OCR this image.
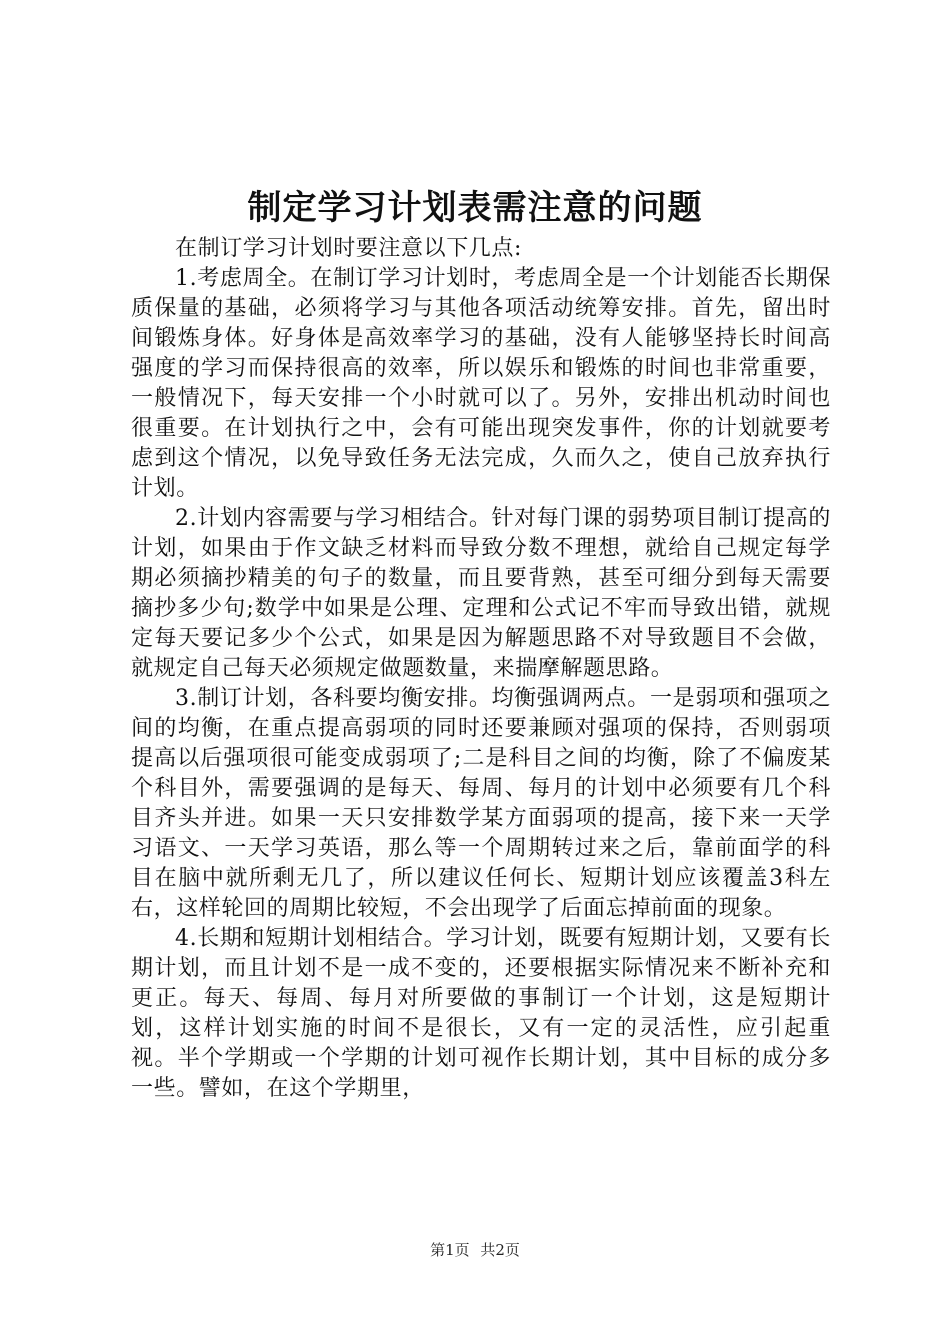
制定学习计划表需注意的问题

在制订学习计划时要注意以下几点:

1.考虑周全。在制订学习计划时，考虑周全是一个计划能否长期保质保量的基础，必须将学习与其他各项活动统筹安排。首先，留出时间锻炼身体。好身体是高效率学习的基础，没有人能够坚持长时间高强度的学习而保持很高的效率，所以娱乐和锻炼的时间也非常重要，一般情况下，每天安排一个小时就可以了。另外，安排出机动时间也很重要。在计划执行之中，会有可能出现突发事件，你的计划就要考虑到这个情况，以免导致任务无法完成，久而久之，使自己放弃执行计划。

2.计划内容需要与学习相结合。针对每门课的弱势项目制订提高的计划，如果由于作文缺乏材料而导致分数不理想，就给自己规定每学期必须摘抄精美的句子的数量，而且要背熟，甚至可细分到每天需要摘抄多少句;数学中如果是公理、定理和公式记不牢而导致出错，就规定每天要记多少个公式，如果是因为解题思路不对导致题目不会做，就规定自己每天必须规定做题数量，来揣摩解题思路。

3.制订计划，各科要均衡安排。均衡强调两点。一是弱项和强项之间的均衡，在重点提高弱项的同时还要兼顾对强项的保持，否则弱项提高以后强项很可能变成弱项了;二是科目之间的均衡，除了不偏废某个科目外，需要强调的是每天、每周、每月的计划中必须要有几个科目齐头并进。如果一天只安排数学某方面弱项的提高，接下来一天学习语文、一天学习英语，那么等一个周期转过来之后，靠前面学的科目在脑中就所剩无几了，所以建议任何长、短期计划应该覆盖3科左右，这样轮回的周期比较短，不会出现学了后面忘掉前面的现象。

4.长期和短期计划相结合。学习计划，既要有短期计划，又要有长期计划，而且计划不是一成不变的，还要根据实际情况来不断补充和更正。每天、每周、每月对所要做的事制订一个计划，这是短期计划，这样计划实施的时间不是很长，又有一定的灵活性，应引起重视。半个学期或一个学期的计划可视作长期计划，其中目标的成分多一些。譬如，在这个学期里，

第1页 共2页
